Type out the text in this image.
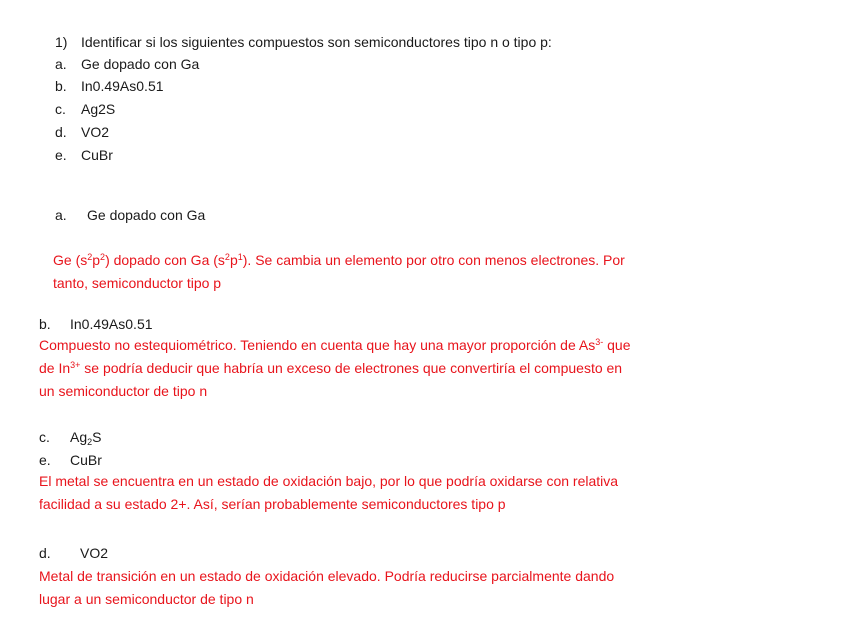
1) Identificar si los siguientes compuestos son semiconductores tipo n o tipo p:
a. Ge dopado con Ga
b. In0.49As0.51
c. Ag2S
d. VO2
e. CuBr
a. Ge dopado con Ga
Ge $(s^2p^2)$ dopado con Ga $(s^2p^1)$. Se cambia un elemento por otro con menos electrones. Por
tanto, semiconductor tipo p
b. In0.49As0.51
Compuesto no estequiométrico. Teniendo en cuenta que hay una mayor proporción de $As^{3-}$ que
de $In^{3+}$ se podría deducir que habría un exceso de electrones que convertiría el compuesto en
un semiconductor de tipo n
c. $Ag_2S$
e. CuBr
El metal se encuentra en un estado de oxidación bajo, por lo que podría oxidarse con relativa
facilidad a su estado 2+. Así, serían probablemente semiconductores tipo p
d. VO2
Metal de transición en un estado de oxidación elevado. Podría reducirse parcialmente dando
lugar a un semiconductor de tipo n
